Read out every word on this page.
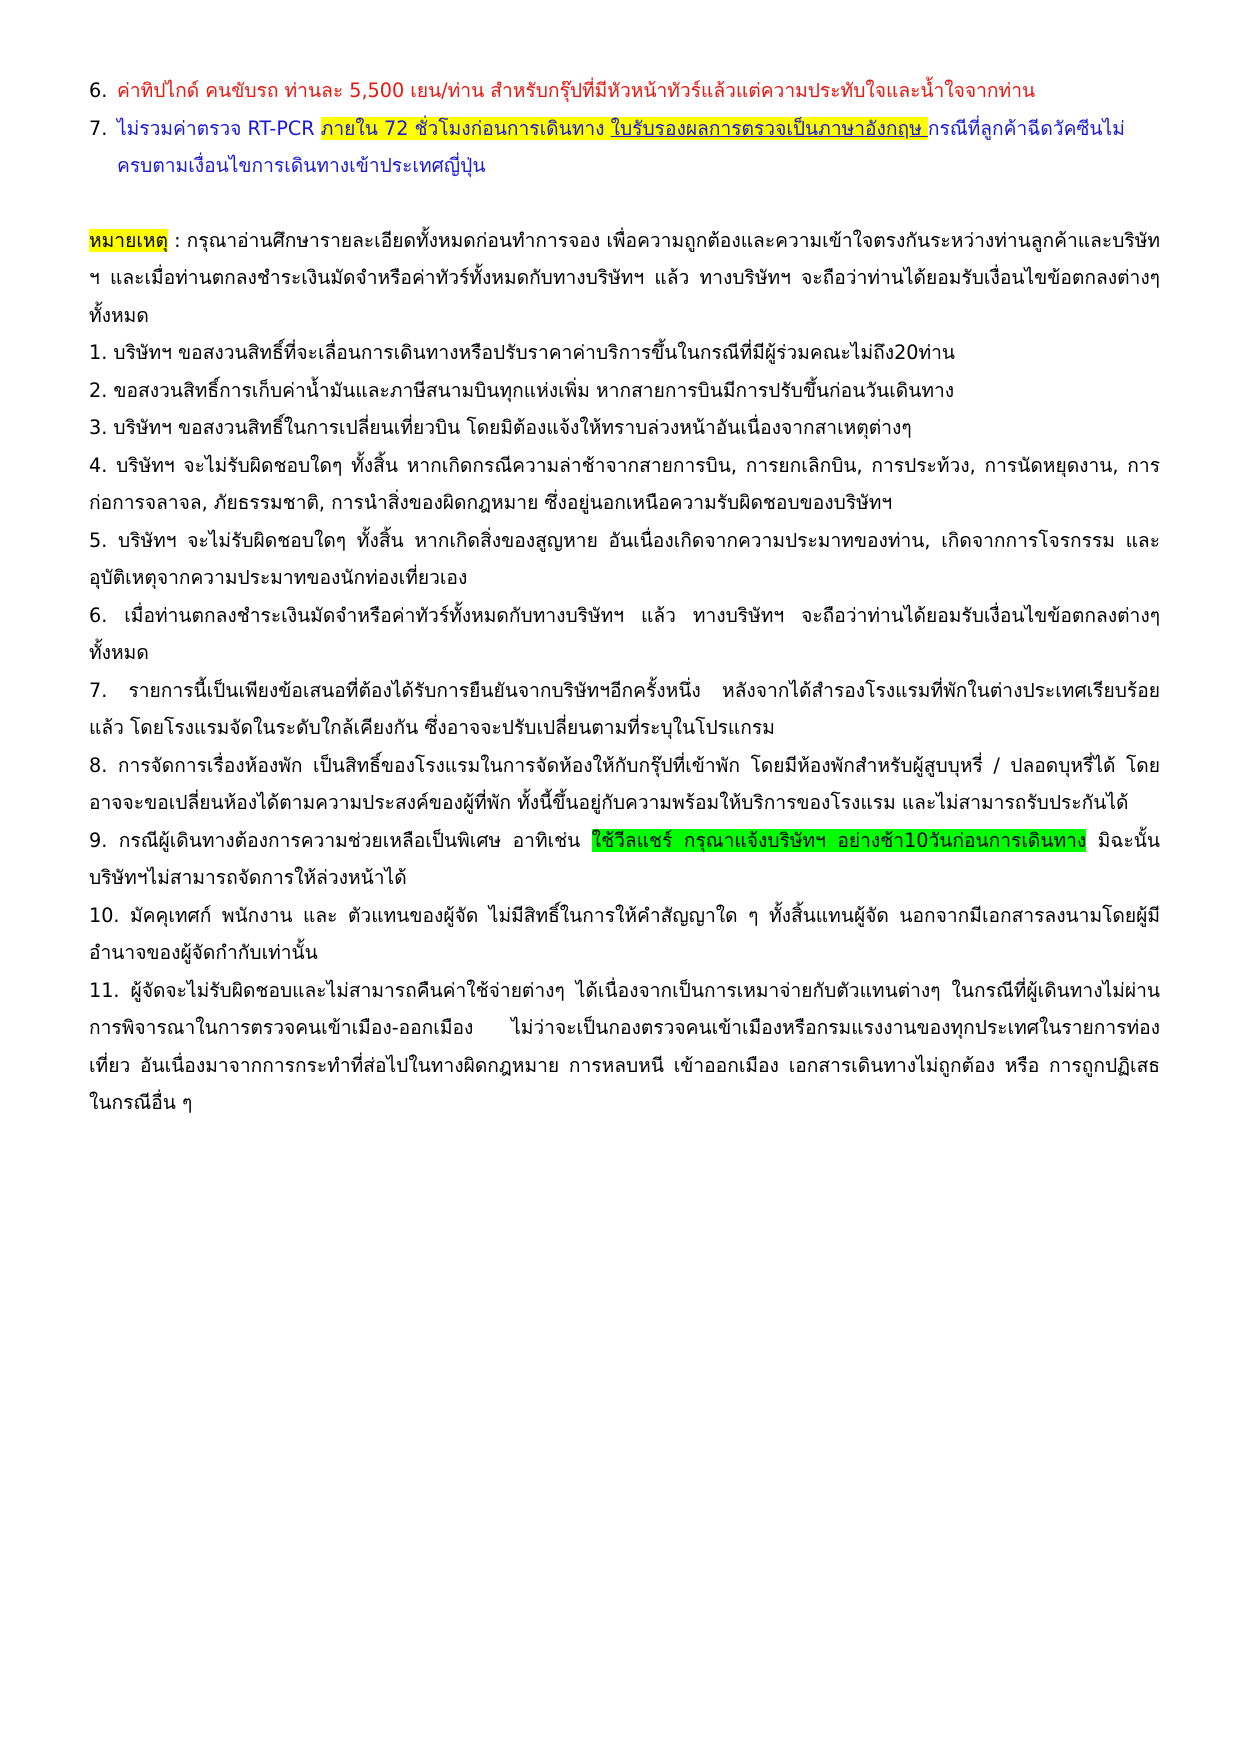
6. ค่าทิปไกด์ คนขับรถ ท่านละ 5,500 เยน/ท่าน สำหรับกรุ๊ปที่มีหัวหน้าทัวร์แล้วแต่ความประทับใจและน้ำใจจากท่าน
7. ไม่รวมค่าตรวจ RT-PCR ภายใน 72 ชั่วโมงก่อนการเดินทาง ใบรับรองผลการตรวจเป็นภาษาอังกฤษ กรณีที่ลูกค้าฉีดวัคซีนไม่ครบตามเงื่อนไขการเดินทางเข้าประเทศญี่ปุ่น

หมายเหตุ : กรุณาอ่านศึกษารายละเอียดทั้งหมดก่อนทำการจอง เพื่อความถูกต้องและความเข้าใจตรงกันระหว่างท่านลูกค้าและบริษัท ฯ และเมื่อท่านตกลงชำระเงินมัดจำหรือค่าทัวร์ทั้งหมดกับทางบริษัทฯ แล้ว ทางบริษัทฯ จะถือว่าท่านได้ยอมรับเงื่อนไขข้อตกลงต่างๆ ทั้งหมด

1. บริษัทฯ ขอสงวนสิทธิ์ที่จะเลื่อนการเดินทางหรือปรับราคาค่าบริการขึ้นในกรณีที่มีผู้ร่วมคณะไม่ถึง20ท่าน

2. ขอสงวนสิทธิ์การเก็บค่าน้ำมันและภาษีสนามบินทุกแห่งเพิ่ม หากสายการบินมีการปรับขึ้นก่อนวันเดินทาง

3. บริษัทฯ ขอสงวนสิทธิ์ในการเปลี่ยนเที่ยวบิน โดยมิต้องแจ้งให้ทราบล่วงหน้าอันเนื่องจากสาเหตุต่างๆ

4. บริษัทฯ จะไม่รับผิดชอบใดๆ ทั้งสิ้น หากเกิดกรณีความล่าช้าจากสายการบิน, การยกเลิกบิน, การประท้วง, การนัดหยุดงาน, การก่อการจลาจล, ภัยธรรมชาติ, การนำสิ่งของผิดกฎหมาย ซึ่งอยู่นอกเหนือความรับผิดชอบของบริษัทฯ

5. บริษัทฯ จะไม่รับผิดชอบใดๆ ทั้งสิ้น หากเกิดสิ่งของสูญหาย อันเนื่องเกิดจากความประมาทของท่าน, เกิดจากการโจรกรรม และ อุบัติเหตุจากความประมาทของนักท่องเที่ยวเอง

6. เมื่อท่านตกลงชำระเงินมัดจำหรือค่าทัวร์ทั้งหมดกับทางบริษัทฯ แล้ว ทางบริษัทฯ จะถือว่าท่านได้ยอมรับเงื่อนไขข้อตกลงต่างๆ ทั้งหมด

7. รายการนี้เป็นเพียงข้อเสนอที่ต้องได้รับการยืนยันจากบริษัทฯอีกครั้งหนึ่ง หลังจากได้สำรองโรงแรมที่พักในต่างประเทศเรียบร้อยแล้ว โดยโรงแรมจัดในระดับใกล้เคียงกัน ซึ่งอาจจะปรับเปลี่ยนตามที่ระบุในโปรแกรม

8. การจัดการเรื่องห้องพัก เป็นสิทธิ์ของโรงแรมในการจัดห้องให้กับกรุ๊ปที่เข้าพัก โดยมีห้องพักสำหรับผู้สูบบุหรี่ / ปลอดบุหรี่ได้ โดยอาจจะขอเปลี่ยนห้องได้ตามความประสงค์ของผู้ที่พัก ทั้งนี้ขึ้นอยู่กับความพร้อมให้บริการของโรงแรม และไม่สามารถรับประกันได้

9. กรณีผู้เดินทางต้องการความช่วยเหลือเป็นพิเศษ อาทิเช่น ใช้วีลแชร์ กรุณาแจ้งบริษัทฯ อย่างช้า10วันก่อนการเดินทาง มิฉะนั้นบริษัทฯไม่สามารถจัดการให้ล่วงหน้าได้

10. มัคคุเทศก์ พนักงาน และ ตัวแทนของผู้จัด ไม่มีสิทธิ์ในการให้คำสัญญาใด ๆ ทั้งสิ้นแทนผู้จัด นอกจากมีเอกสารลงนามโดยผู้มีอำนาจของผู้จัดกำกับเท่านั้น

11. ผู้จัดจะไม่รับผิดชอบและไม่สามารถคืนค่าใช้จ่ายต่างๆ ได้เนื่องจากเป็นการเหมาจ่ายกับตัวแทนต่างๆ ในกรณีที่ผู้เดินทางไม่ผ่านการพิจารณาในการตรวจคนเข้าเมือง-ออกเมือง ไม่ว่าจะเป็นกองตรวจคนเข้าเมืองหรือกรมแรงงานของทุกประเทศในรายการท่องเที่ยว อันเนื่องมาจากการกระทำที่ส่อไปในทางผิดกฎหมาย การหลบหนี เข้าออกเมือง เอกสารเดินทางไม่ถูกต้อง หรือ การถูกปฏิเสธในกรณีอื่น ๆ
